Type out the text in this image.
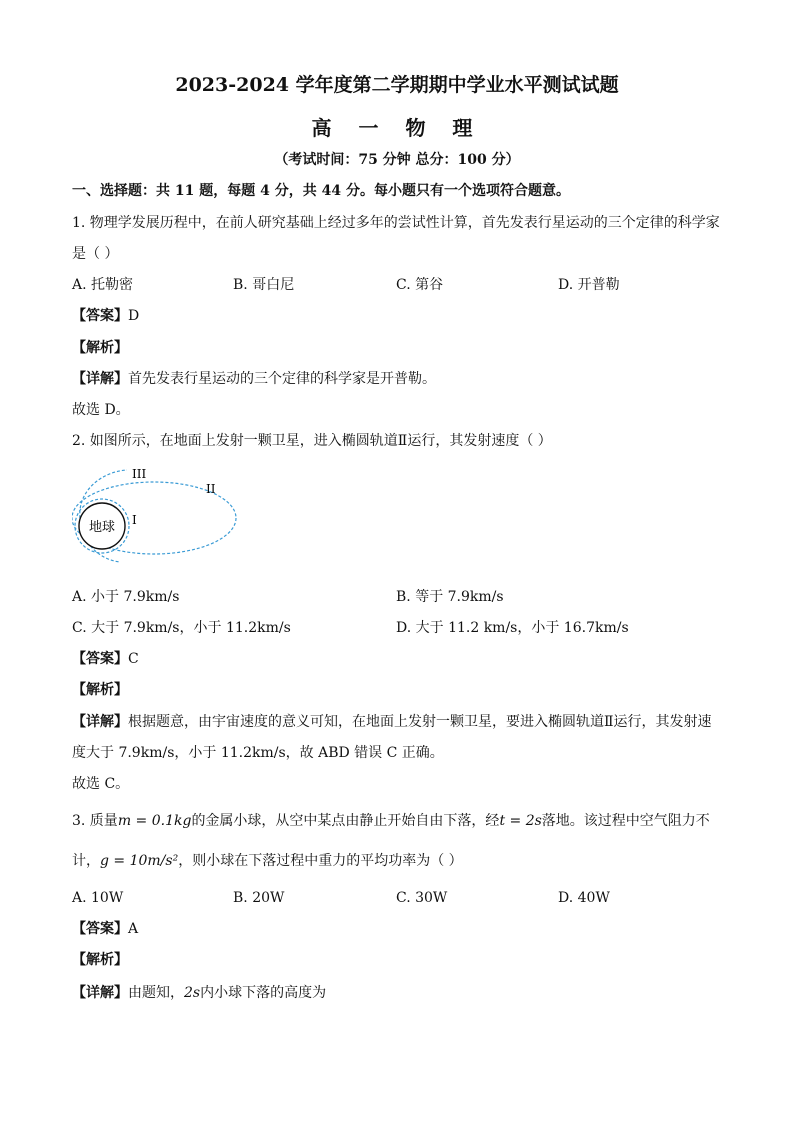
2023-2024 学年度第二学期期中学业水平测试试题
高 一 物 理
（考试时间：75 分钟 总分：100 分）
一、选择题：共 11 题，每题 4 分，共 44 分。每小题只有一个选项符合题意。
1. 物理学发展历程中，在前人研究基础上经过多年的尝试性计算，首先发表行星运动的三个定律的科学家
是（ ）
A. 托勒密	B. 哥白尼	C. 第谷	D. 开普勒
【答案】D
【解析】
【详解】首先发表行星运动的三个定律的科学家是开普勒。
故选 D。
2. 如图所示，在地面上发射一颗卫星，进入椭圆轨道Ⅱ运行，其发射速度（ ）
地球 I
II
III
A. 小于 7.9km/s	B. 等于 7.9km/s
C. 大于 7.9km/s，小于 11.2km/s	D. 大于 11.2 km/s，小于 16.7km/s
【答案】C
【解析】
【详解】根据题意，由宇宙速度的意义可知，在地面上发射一颗卫星，要进入椭圆轨道Ⅱ运行，其发射速
度大于 7.9km/s，小于 11.2km/s，故 ABD 错误 C 正确。
故选 C。
3. 质量m = 0.1kg的金属小球，从空中某点由静止开始自由下落，经t = 2s落地。该过程中空气阻力不
计，g = 10m/s²，则小球在下落过程中重力的平均功率为（ ）
A. 10W	B. 20W	C. 30W	D. 40W
【答案】A
【解析】
【详解】由题知，2s内小球下落的高度为
